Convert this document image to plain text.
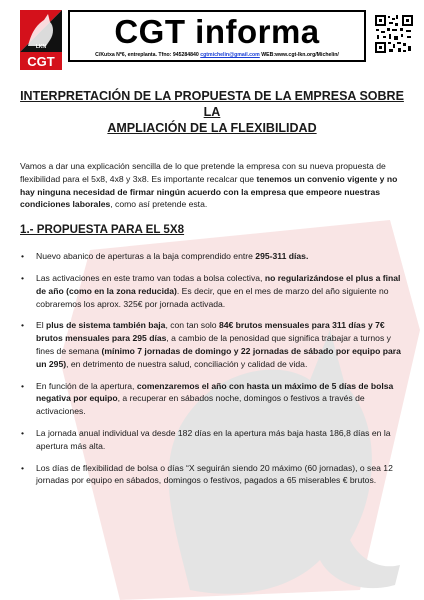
LKN
CGT
CGT informa
C/Kutxa Nº6, entreplanta. Tfno: 945284840 cgtmichelin@gmail.com WEB:www.cgt-lkn.org/Michelin/
INTERPRETACIÓN DE LA PROPUESTA DE LA EMPRESA SOBRE LA
AMPLIACIÓN DE LA FLEXIBILIDAD

Vamos a dar una explicación sencilla de lo que pretende la empresa con su nueva propuesta de flexibilidad para el 5x8, 4x8 y 3x8. Es importante recalcar que tenemos un convenio vigente y no hay ninguna necesidad de firmar ningún acuerdo con la empresa que empeore nuestras condiciones laborales, como así pretende esta.

1.- PROPUESTA PARA EL 5X8
• Nuevo abanico de aperturas a la baja comprendido entre 295-311 días.
• Las activaciones en este tramo van todas a bolsa colectiva, no regularizándose el plus a final de año (como en la zona reducida). Es decir, que en el mes de marzo del año siguiente no cobraremos los aprox. 325€ por jornada activada.
• El plus de sistema también baja, con tan solo 84€ brutos mensuales para 311 días y 7€ brutos mensuales para 295 días, a cambio de la penosidad que significa trabajar a turnos y fines de semana (mínimo 7 jornadas de domingo y 22 jornadas de sábado por equipo para un 295), en detrimento de nuestra salud, conciliación y calidad de vida.
• En función de la apertura, comenzaremos el año con hasta un máximo de 5 días de bolsa negativa por equipo, a recuperar en sábados noche, domingos o festivos a través de activaciones.
• La jornada anual individual va desde 182 días en la apertura más baja hasta 186,8 días en la apertura más alta.
• Los días de flexibilidad de bolsa o días “X seguirán siendo 20 máximo (60 jornadas), o sea 12 jornadas por equipo en sábados, domingos o festivos, pagados a 65 miserables € brutos.
